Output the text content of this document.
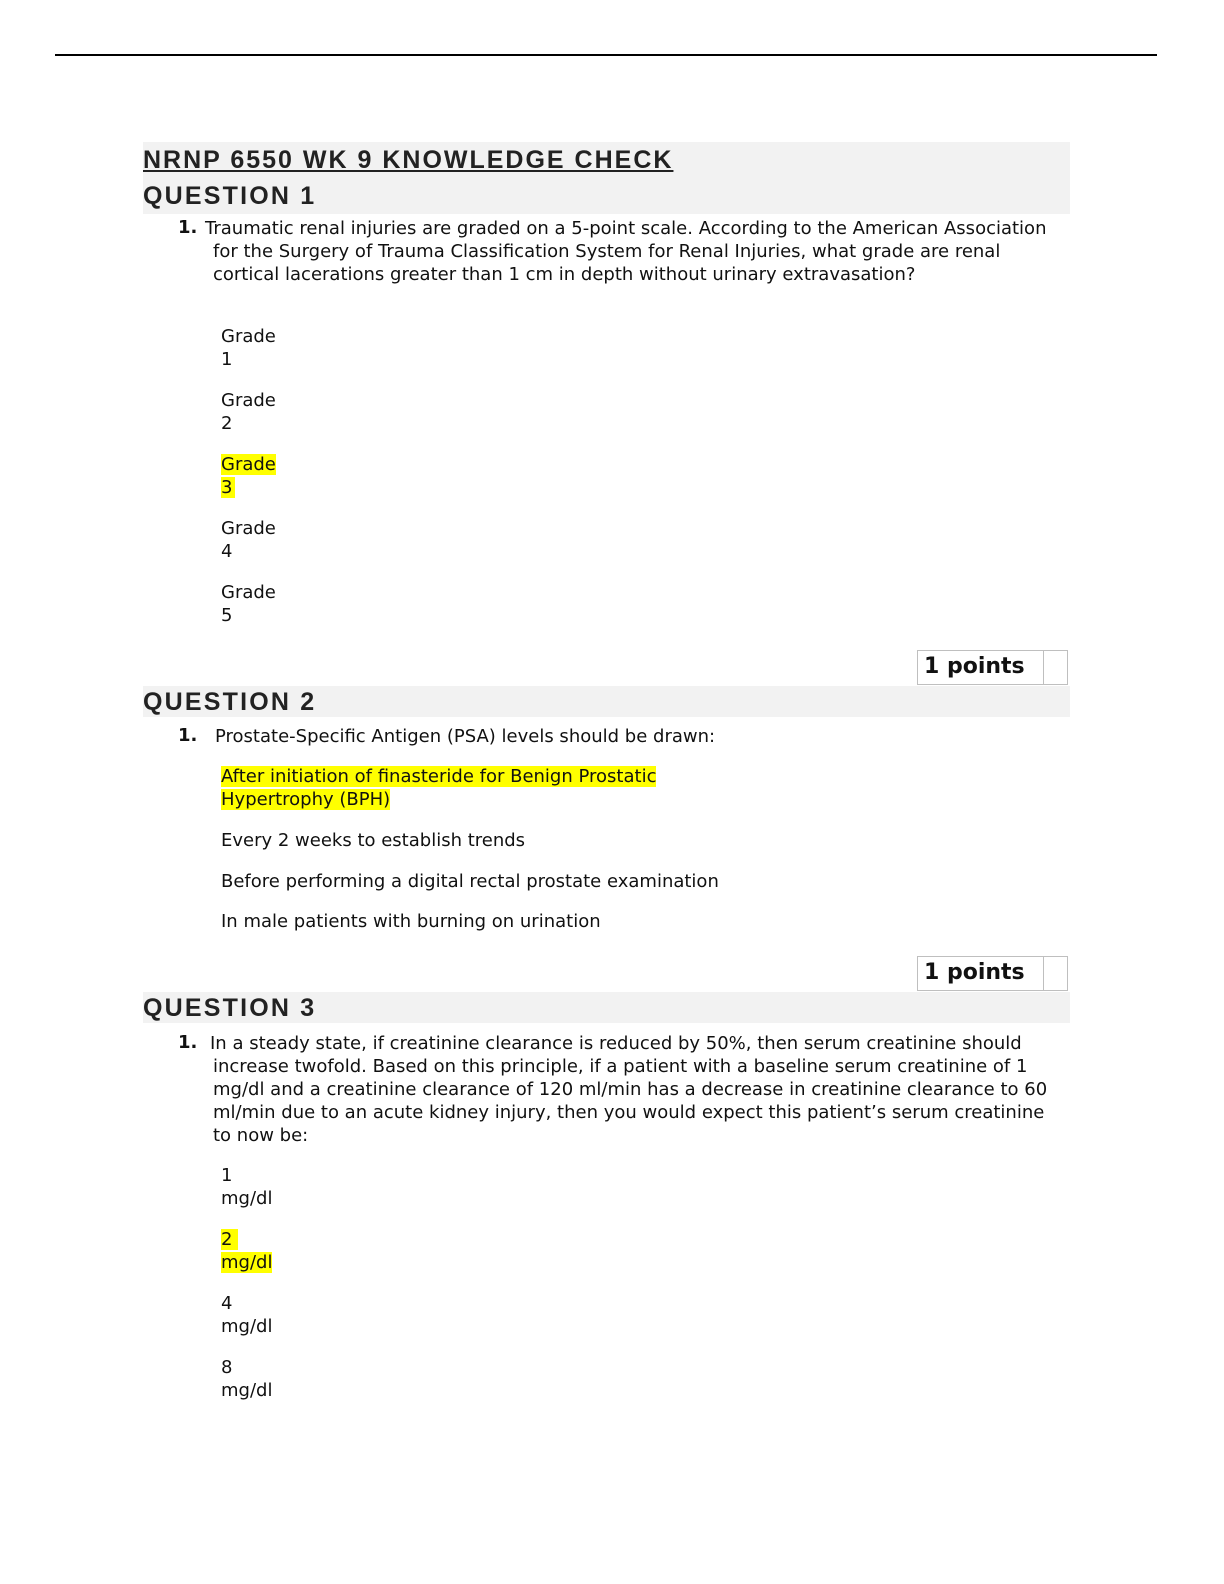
NRNP 6550 WK 9 KNOWLEDGE CHECK
QUESTION 1
1. Traumatic renal injuries are graded on a 5-point scale. According to the American Association for the Surgery of Trauma Classification System for Renal Injuries, what grade are renal cortical lacerations greater than 1 cm in depth without urinary extravasation?
Grade
1
Grade
2
Grade
3
Grade
4
Grade
5
1 points
QUESTION 2
1. Prostate-Specific Antigen (PSA) levels should be drawn:
After initiation of finasteride for Benign Prostatic
Hypertrophy (BPH)
Every 2 weeks to establish trends
Before performing a digital rectal prostate examination
In male patients with burning on urination
1 points
QUESTION 3
1. In a steady state, if creatinine clearance is reduced by 50%, then serum creatinine should increase twofold. Based on this principle, if a patient with a baseline serum creatinine of 1 mg/dl and a creatinine clearance of 120 ml/min has a decrease in creatinine clearance to 60 ml/min due to an acute kidney injury, then you would expect this patient’s serum creatinine to now be:
1
mg/dl
2
mg/dl
4
mg/dl
8
mg/dl
